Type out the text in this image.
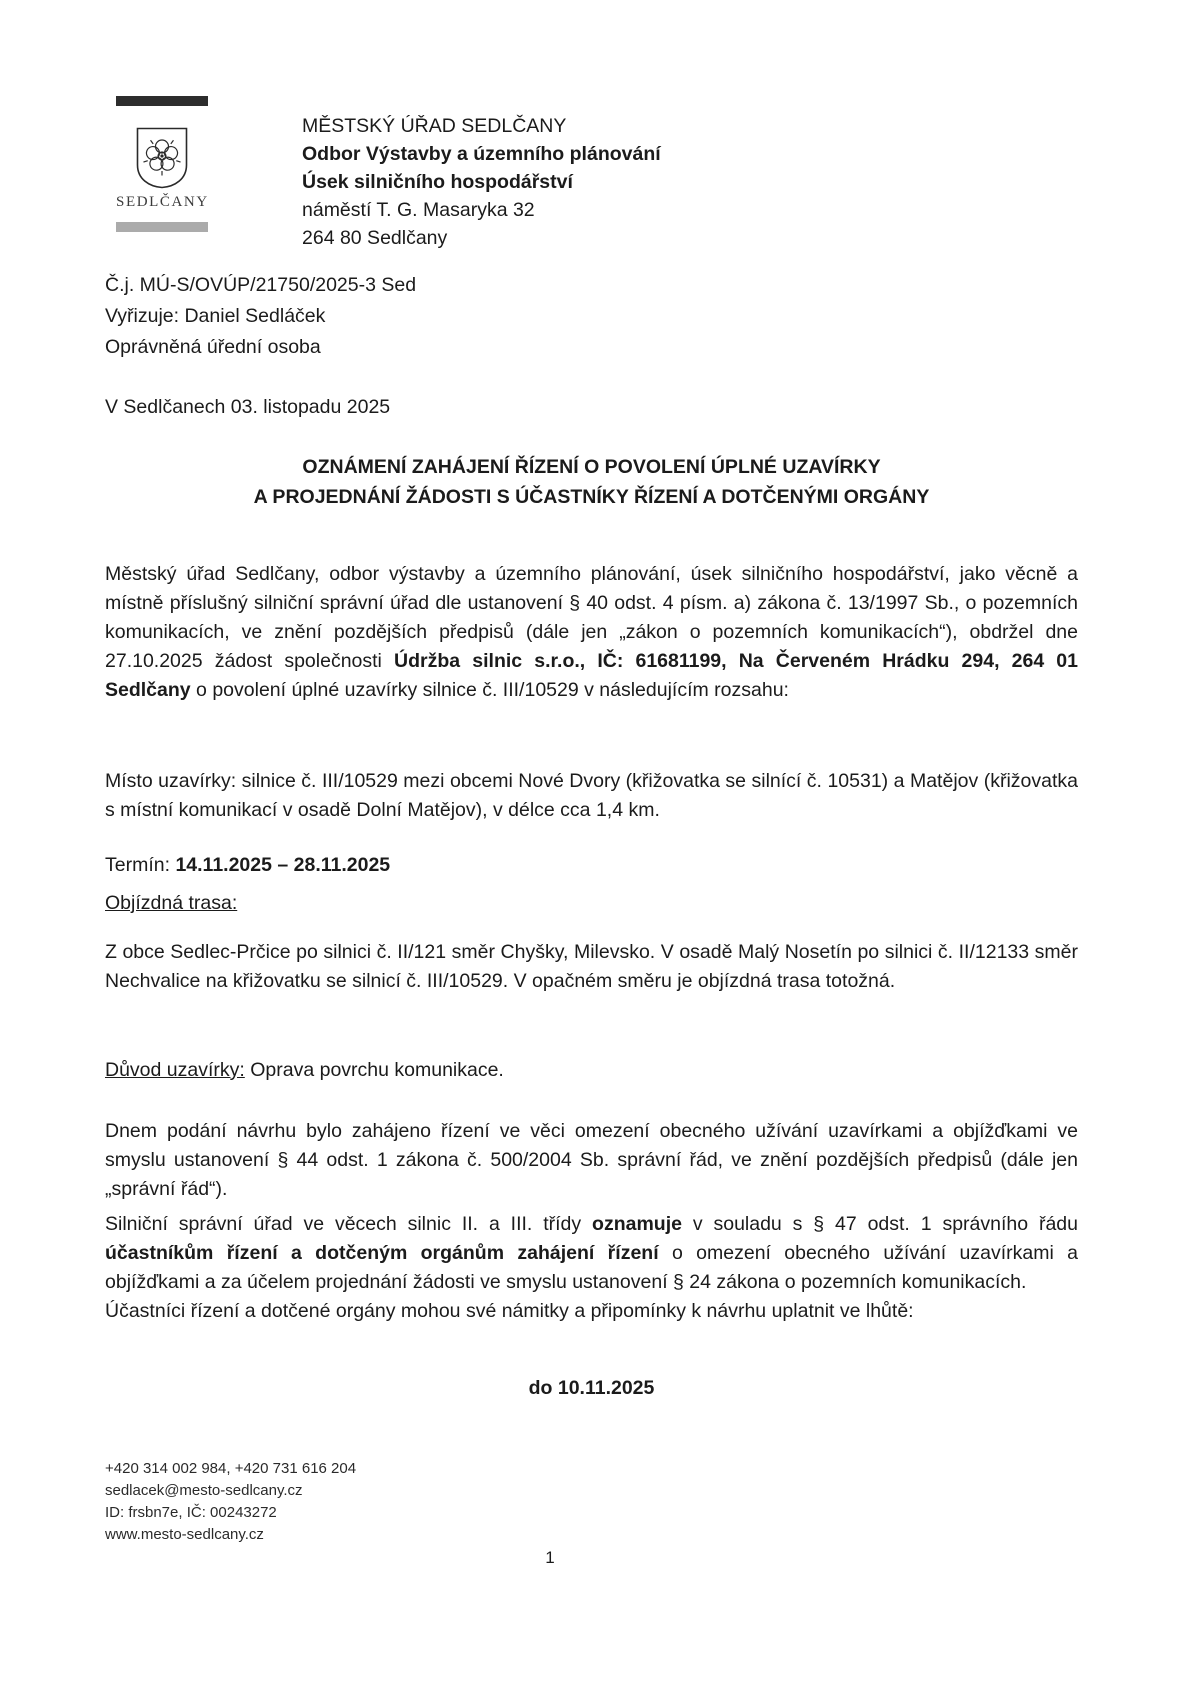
SEDLČANY
MĚSTSKÝ ÚŘAD SEDLČANY
Odbor Výstavby a územního plánování
Úsek silničního hospodářství
náměstí T. G. Masaryka 32
264 80 Sedlčany
Č.j. MÚ-S/OVÚP/21750/2025-3 Sed
Vyřizuje: Daniel Sedláček
Oprávněná úřední osoba
V Sedlčanech 03. listopadu 2025
OZNÁMENÍ ZAHÁJENÍ ŘÍZENÍ O POVOLENÍ ÚPLNÉ UZAVÍRKY
A PROJEDNÁNÍ ŽÁDOSTI S ÚČASTNÍKY ŘÍZENÍ A DOTČENÝMI ORGÁNY

Městský úřad Sedlčany, odbor výstavby a územního plánování, úsek silničního hospodářství, jako věcně a místně příslušný silniční správní úřad dle ustanovení § 40 odst. 4 písm. a) zákona č. 13/1997 Sb., o pozemních komunikacích, ve znění pozdějších předpisů (dále jen „zákon o pozemních komunikacích“), obdržel dne 27.10.2025 žádost společnosti Údržba silnic s.r.o., IČ: 61681199, Na Červeném Hrádku 294, 264 01 Sedlčany o povolení úplné uzavírky silnice č. III/10529 v následujícím rozsahu:

Místo uzavírky: silnice č. III/10529 mezi obcemi Nové Dvory (křižovatka se silnící č. 10531) a Matějov (křižovatka s místní komunikací v osadě Dolní Matějov), v délce cca 1,4 km.

Termín: 14.11.2025 – 28.11.2025

Objízdná trasa:

Z obce Sedlec-Prčice po silnici č. II/121 směr Chyšky, Milevsko. V osadě Malý Nosetín po silnici č. II/12133 směr Nechvalice na křižovatku se silnicí č. III/10529. V opačném směru je objízdná trasa totožná.

Důvod uzavírky: Oprava povrchu komunikace.

Dnem podání návrhu bylo zahájeno řízení ve věci omezení obecného užívání uzavírkami a objížďkami ve smyslu ustanovení § 44 odst. 1 zákona č. 500/2004 Sb. správní řád, ve znění pozdějších předpisů (dále jen „správní řád“).

Silniční správní úřad ve věcech silnic II. a III. třídy oznamuje v souladu s § 47 odst. 1 správního řádu účastníkům řízení a dotčeným orgánům zahájení řízení o omezení obecného užívání uzavírkami a objížďkami a za účelem projednání žádosti ve smyslu ustanovení § 24 zákona o pozemních komunikacích.

Účastníci řízení a dotčené orgány mohou své námitky a připomínky k návrhu uplatnit ve lhůtě:

do 10.11.2025
+420 314 002 984, +420 731 616 204
sedlacek@mesto-sedlcany.cz
ID: frsbn7e, IČ: 00243272
www.mesto-sedlcany.cz
1
